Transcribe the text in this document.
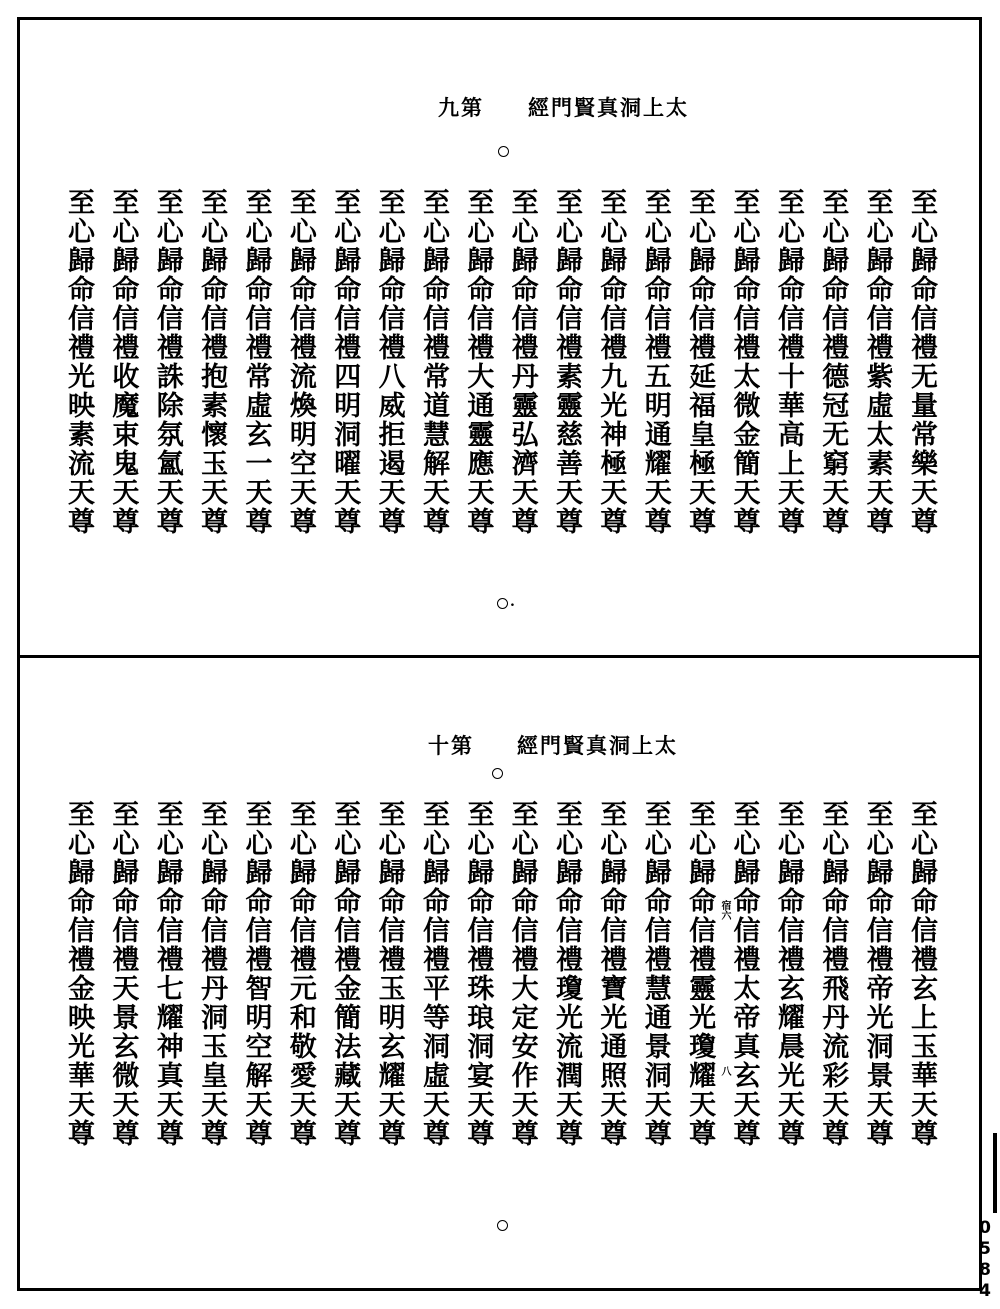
太上洞真賢門經
第九
至心歸命信禮无量常樂天尊
至心歸命信禮紫虛太素天尊
至心歸命信禮德冠无窮天尊
至心歸命信禮十華高上天尊
至心歸命信禮太微金簡天尊
至心歸命信禮延福皇極天尊
至心歸命信禮五明通耀天尊
至心歸命信禮九光神極天尊
至心歸命信禮素靈慈善天尊
至心歸命信禮丹靈弘濟天尊
至心歸命信禮大通靈應天尊
至心歸命信禮常道慧解天尊
至心歸命信禮八威拒遏天尊
至心歸命信禮四明洞曜天尊
至心歸命信禮流煥明空天尊
至心歸命信禮常虛玄一天尊
至心歸命信禮抱素懷玉天尊
至心歸命信禮誅除氛氳天尊
至心歸命信禮收魔束鬼天尊
至心歸命信禮光映素流天尊
.
太上洞真賢門經
第十
至心歸命信禮玄上玉華天尊
至心歸命信禮帝光洞景天尊
至心歸命信禮飛丹流彩天尊
至心歸命信禮玄耀晨光天尊
至心歸命信禮太帝真玄天尊
至心歸命信禮靈光瓊耀天尊
至心歸命信禮慧通景洞天尊
至心歸命信禮寶光通照天尊
至心歸命信禮瓊光流潤天尊
至心歸命信禮大定安作天尊
至心歸命信禮珠琅洞宴天尊
至心歸命信禮平等洞虛天尊
至心歸命信禮玉明玄耀天尊
至心歸命信禮金簡法藏天尊
至心歸命信禮元和敬愛天尊
至心歸命信禮智明空解天尊
至心歸命信禮丹洞玉皇天尊
至心歸命信禮七耀神真天尊
至心歸命信禮天景玄微天尊
至心歸命信禮金映光華天尊	宿六
八
0584
